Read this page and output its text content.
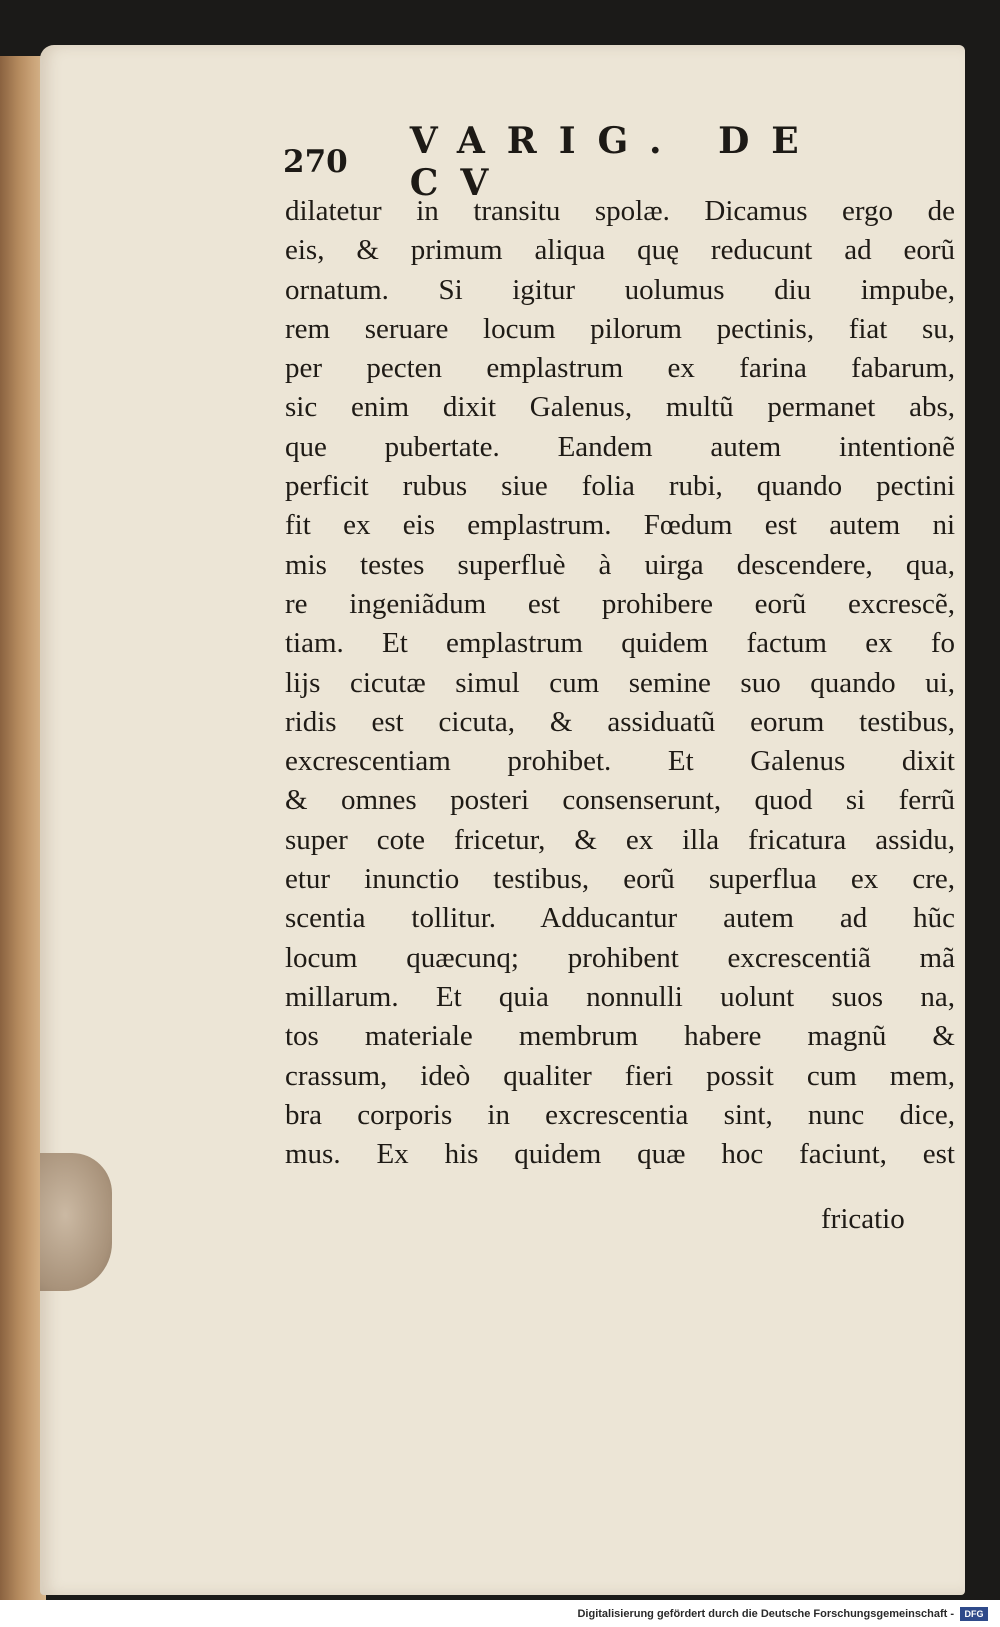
270 VARIG. DE CV
dilatetur in transitu spolæ. Dicamus ergo de
eis, & primum aliqua quę reducunt ad eorũ
ornatum. Si igitur uolumus diu impube,
rem seruare locum pilorum pectinis, fiat su,
per pecten emplastrum ex farina fabarum,
sic enim dixit Galenus, multũ permanet abs,
que pubertate. Eandem autem intentionẽ
perficit rubus siue folia rubi, quando pectini
fit ex eis emplastrum. Fœdum est autem ni
mis testes superfluè à uirga descendere, qua,
re ingeniãdum est prohibere eorũ excrescẽ,
tiam. Et emplastrum quidem factum ex fo
lijs cicutæ simul cum semine suo quando ui,
ridis est cicuta, & assiduatũ eorum testibus,
excrescentiam prohibet. Et Galenus dixit
& omnes posteri consenserunt, quod si ferrũ
super cote fricetur, & ex illa fricatura assidu,
etur inunctio testibus, eorũ superflua ex cre,
scentia tollitur. Adducantur autem ad hũc
locum quæcunq; prohibent excrescentiã mã
millarum. Et quia nonnulli uolunt suos na,
tos materiale membrum habere magnũ &
crassum, ideò qualiter fieri possit cum mem,
bra corporis in excrescentia sint, nunc dice,
mus. Ex his quidem quæ hoc faciunt, est
fricatio
Digitalisierung gefördert durch die Deutsche Forschungsgemeinschaft -	DFG
